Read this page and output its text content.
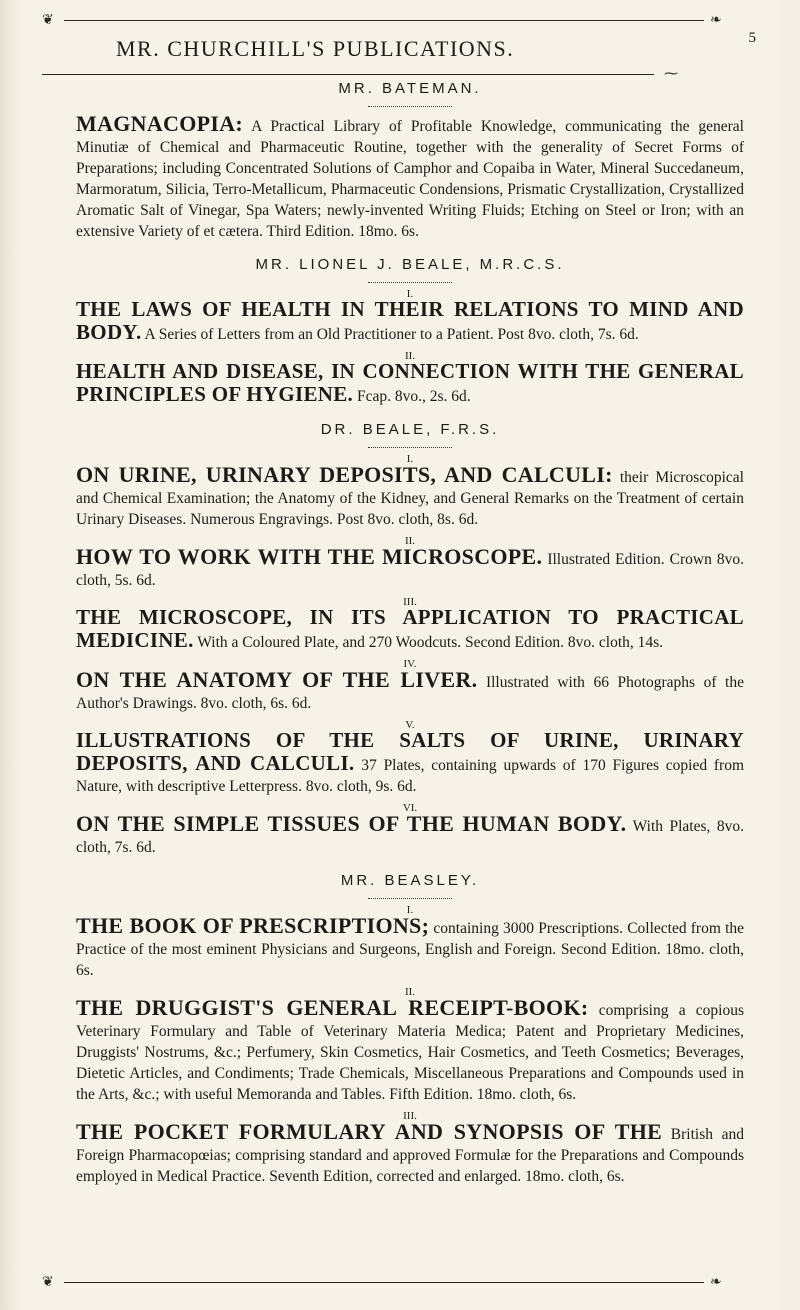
❦	❧
MR. CHURCHILL'S PUBLICATIONS.	5
⁓
MR. BATEMAN.
MAGNACOPIA: A Practical Library of Profitable Knowledge, communicating the general Minutiæ of Chemical and Pharmaceutic Routine, together with the generality of Secret Forms of Preparations; including Concentrated Solutions of Camphor and Copaiba in Water, Mineral Succedaneum, Marmoratum, Silicia, Terro-Metallicum, Pharmaceutic Condensions, Prismatic Crystallization, Crystallized Aromatic Salt of Vinegar, Spa Waters; newly-invented Writing Fluids; Etching on Steel or Iron; with an extensive Variety of et cætera. Third Edition. 18mo. 6s.
MR. LIONEL J. BEALE, M.R.C.S.
I.
THE LAWS OF HEALTH IN THEIR RELATIONS TO MIND AND BODY. A Series of Letters from an Old Practitioner to a Patient. Post 8vo. cloth, 7s. 6d.
II.
HEALTH AND DISEASE, IN CONNECTION WITH THE GENERAL PRINCIPLES OF HYGIENE. Fcap. 8vo., 2s. 6d.
DR. BEALE, F.R.S.
I.
ON URINE, URINARY DEPOSITS, AND CALCULI: their Microscopical and Chemical Examination; the Anatomy of the Kidney, and General Remarks on the Treatment of certain Urinary Diseases. Numerous Engravings. Post 8vo. cloth, 8s. 6d.
II.
HOW TO WORK WITH THE MICROSCOPE. Illustrated Edition. Crown 8vo. cloth, 5s. 6d.
III.
THE MICROSCOPE, IN ITS APPLICATION TO PRACTICAL MEDICINE. With a Coloured Plate, and 270 Woodcuts. Second Edition. 8vo. cloth, 14s.
IV.
ON THE ANATOMY OF THE LIVER. Illustrated with 66 Photographs of the Author's Drawings. 8vo. cloth, 6s. 6d.
V.
ILLUSTRATIONS OF THE SALTS OF URINE, URINARY DEPOSITS, AND CALCULI. 37 Plates, containing upwards of 170 Figures copied from Nature, with descriptive Letterpress. 8vo. cloth, 9s. 6d.
VI.
ON THE SIMPLE TISSUES OF THE HUMAN BODY. With Plates, 8vo. cloth, 7s. 6d.
MR. BEASLEY.
I.
THE BOOK OF PRESCRIPTIONS; containing 3000 Prescriptions. Collected from the Practice of the most eminent Physicians and Surgeons, English and Foreign. Second Edition. 18mo. cloth, 6s.
II.
THE DRUGGIST'S GENERAL RECEIPT-BOOK: comprising a copious Veterinary Formulary and Table of Veterinary Materia Medica; Patent and Proprietary Medicines, Druggists' Nostrums, &c.; Perfumery, Skin Cosmetics, Hair Cosmetics, and Teeth Cosmetics; Beverages, Dietetic Articles, and Condiments; Trade Chemicals, Miscellaneous Preparations and Compounds used in the Arts, &c.; with useful Memoranda and Tables. Fifth Edition. 18mo. cloth, 6s.
III.
THE POCKET FORMULARY AND SYNOPSIS OF THE British and Foreign Pharmacopœias; comprising standard and approved Formulæ for the Preparations and Compounds employed in Medical Practice. Seventh Edition, corrected and enlarged. 18mo. cloth, 6s.
❦	❧
